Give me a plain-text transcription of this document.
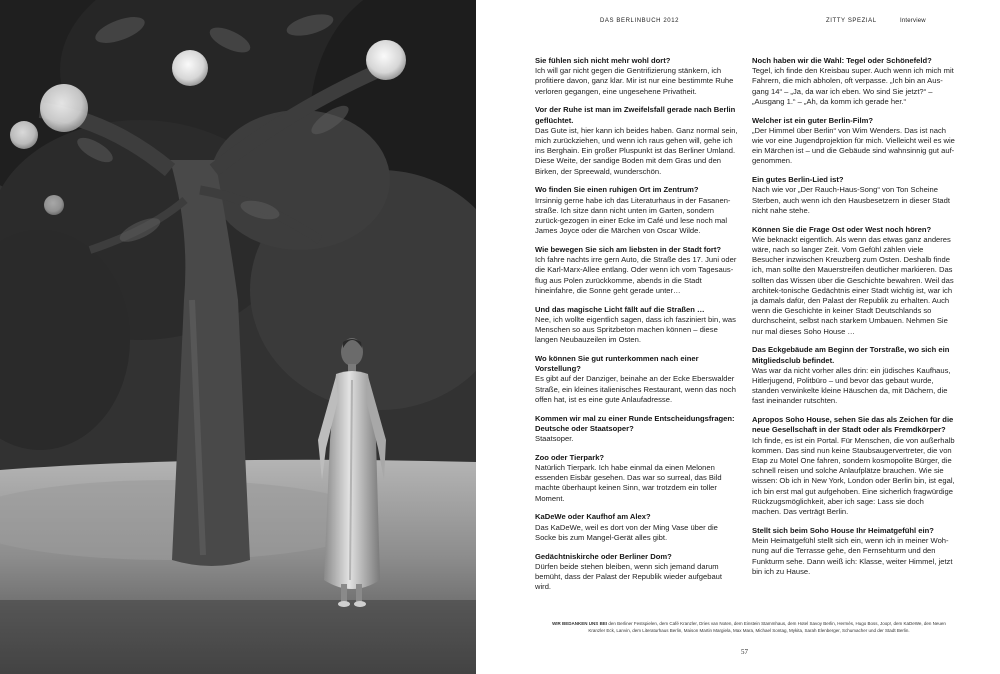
DAS BERLINBUCH 2012	ZITTY SPEZIAL	Interview

Sie fühlen sich nicht mehr wohl dort?

Ich will gar nicht gegen die Gentrifizierung stänkern, ich profitiere davon, ganz klar. Mir ist nur eine bestimmte Ruhe verloren gegangen, eine ungesehene Privatheit.

Vor der Ruhe ist man im Zweifelsfall gerade nach Berlin geflüchtet.

Das Gute ist, hier kann ich beides haben. Ganz normal sein, mich zurückziehen, und wenn ich raus gehen will, gehe ich ins Berghain. Ein großer Pluspunkt ist das Berliner Umland. Diese Weite, der sandige Boden mit dem Gras und den Birken, der Spreewald, wunderschön.

Wo finden Sie einen ruhigen Ort im Zentrum?

Irrsinnig gerne habe ich das Literaturhaus in der Fasanen-straße. Ich sitze dann nicht unten im Garten, sondern zurück-gezogen in einer Ecke im Café und lese noch mal James Joyce oder die Märchen von Oscar Wilde.

Wie bewegen Sie sich am liebsten in der Stadt fort?

Ich fahre nachts irre gern Auto, die Straße des 17. Juni oder die Karl-Marx-Allee entlang. Oder wenn ich vom Tagesaus-flug aus Polen zurückkomme, abends in die Stadt hineinfahre, die Sonne geht gerade unter…

Und das magische Licht fällt auf die Straßen …

Nee, ich wollte eigentlich sagen, dass ich fasziniert bin, was Menschen so aus Spritzbeton machen können – diese langen Neubauzeilen im Osten.

Wo können Sie gut runterkommen nach einer Vorstellung?

Es gibt auf der Danziger, beinahe an der Ecke Eberswalder Straße, ein kleines italienisches Restaurant, wenn das noch offen hat, ist es eine gute Anlaufadresse.

Kommen wir mal zu einer Runde Entscheidungsfragen: Deutsche oder Staatsoper?

Staatsoper.

Zoo oder Tierpark?

Natürlich Tierpark. Ich habe einmal da einen Melonen essenden Eisbär gesehen. Das war so surreal, das Bild machte überhaupt keinen Sinn, war trotzdem ein toller Moment.

KaDeWe oder Kaufhof am Alex?

Das KaDeWe, weil es dort von der Ming Vase über die Socke bis zum Mangel-Gerät alles gibt.

Gedächtniskirche oder Berliner Dom?

Dürfen beide stehen bleiben, wenn sich jemand darum bemüht, dass der Palast der Republik wieder aufgebaut wird.

Noch haben wir die Wahl: Tegel oder Schönefeld?

Tegel, ich finde den Kreisbau super. Auch wenn ich mich mit Fahrern, die mich abholen, oft verpasse. „Ich bin an Aus-gang 14“ – „Ja, da war ich eben. Wo sind Sie jetzt?“ – „Ausgang 1.“ – „Ah, da komm ich gerade her.“

Welcher ist ein guter Berlin-Film?

„Der Himmel über Berlin“ von Wim Wenders. Das ist nach wie vor eine Jugendprojektion für mich. Vielleicht weil es wie ein Märchen ist – und die Gebäude sind wahnsinnig gut auf-genommen.

Ein gutes Berlin-Lied ist?

Nach wie vor „Der Rauch-Haus-Song“ von Ton Scheine Sterben, auch wenn ich den Hausbesetzern in dieser Stadt nicht nahe stehe.

Können Sie die Frage Ost oder West noch hören?

Wie beknackt eigentlich. Als wenn das etwas ganz anderes wäre, nach so langer Zeit. Vom Gefühl zählen viele Besucher inzwischen Kreuzberg zum Osten. Deshalb finde ich, man sollte den Mauerstreifen deutlicher markieren. Das sollten das Wissen über die Geschichte bewahren. Weil das architek-tonische Gedächtnis einer Stadt wichtig ist, war ich ja damals dafür, den Palast der Republik zu erhalten. Auch wenn die Geschichte in keiner Stadt Deutschlands so durchscheint, selbst nach starkem Umbauen. Nehmen Sie nur mal dieses Soho House …

Das Eckgebäude am Beginn der Torstraße, wo sich ein Mitgliedsclub befindet.

Was war da nicht vorher alles drin: ein jüdisches Kaufhaus, Hitlerjugend, Politbüro – und bevor das gebaut wurde, standen verwinkelte kleine Häuschen da, mit Dächern, die fast ineinander rutschten.

Apropos Soho House, sehen Sie das als Zeichen für die neue Gesellschaft in der Stadt oder als Fremdkörper?

Ich finde, es ist ein Portal. Für Menschen, die von außerhalb kommen. Das sind nun keine Staubsaugervertreter, die von Etap zu Motel One fahren, sondern kosmopolite Bürger, die schnell reisen und solche Anlaufplätze brauchen. Wie sie wissen: Ob ich in New York, London oder Berlin bin, ist egal, ich bin erst mal gut aufgehoben. Eine sicherlich fragwürdige Rückzugsmöglichkeit, aber ich sage: Lass sie doch machen. Das verträgt Berlin.

Stellt sich beim Soho House Ihr Heimatgefühl ein?

Mein Heimatgefühl stellt sich ein, wenn ich in meiner Woh-nung auf die Terrasse gehe, den Fernsehturm und den Funkturm sehe. Dann weiß ich: Klasse, weiter Himmel, jetzt bin ich zu Hause.

WIR BEDANKEN UNS BEI den Berliner Festspielen, dem Café Kranzler, Dries van Noten, dem Einstein Stammhaus, dem Hotel Savoy Berlin, Hermès, Hugo Boss, Joop!, dem KaDeWe, den Neuen Kranzler Eck, Lanvin, dem Literaturhaus Berlin, Maison Martin Margiela, Max Mara, Michael Sontag, Mykita, Sarah Elenberger, Schumacher und der Stadt Berlin.
57
